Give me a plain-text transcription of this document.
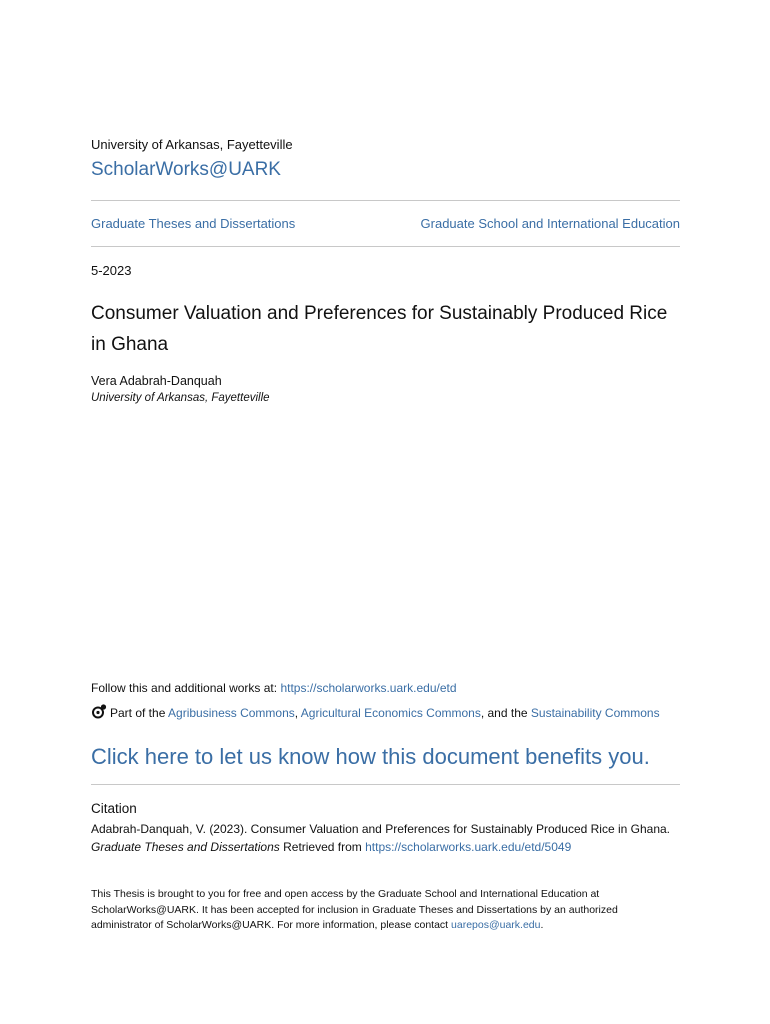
University of Arkansas, Fayetteville
ScholarWorks@UARK
Graduate Theses and Dissertations	Graduate School and International Education
5-2023
Consumer Valuation and Preferences for Sustainably Produced Rice in Ghana
Vera Adabrah-Danquah
University of Arkansas, Fayetteville
Follow this and additional works at: https://scholarworks.uark.edu/etd
Part of the Agribusiness Commons, Agricultural Economics Commons, and the Sustainability Commons
Click here to let us know how this document benefits you.
Citation
Adabrah-Danquah, V. (2023). Consumer Valuation and Preferences for Sustainably Produced Rice in Ghana. Graduate Theses and Dissertations Retrieved from https://scholarworks.uark.edu/etd/5049
This Thesis is brought to you for free and open access by the Graduate School and International Education at ScholarWorks@UARK. It has been accepted for inclusion in Graduate Theses and Dissertations by an authorized administrator of ScholarWorks@UARK. For more information, please contact uarepos@uark.edu.
